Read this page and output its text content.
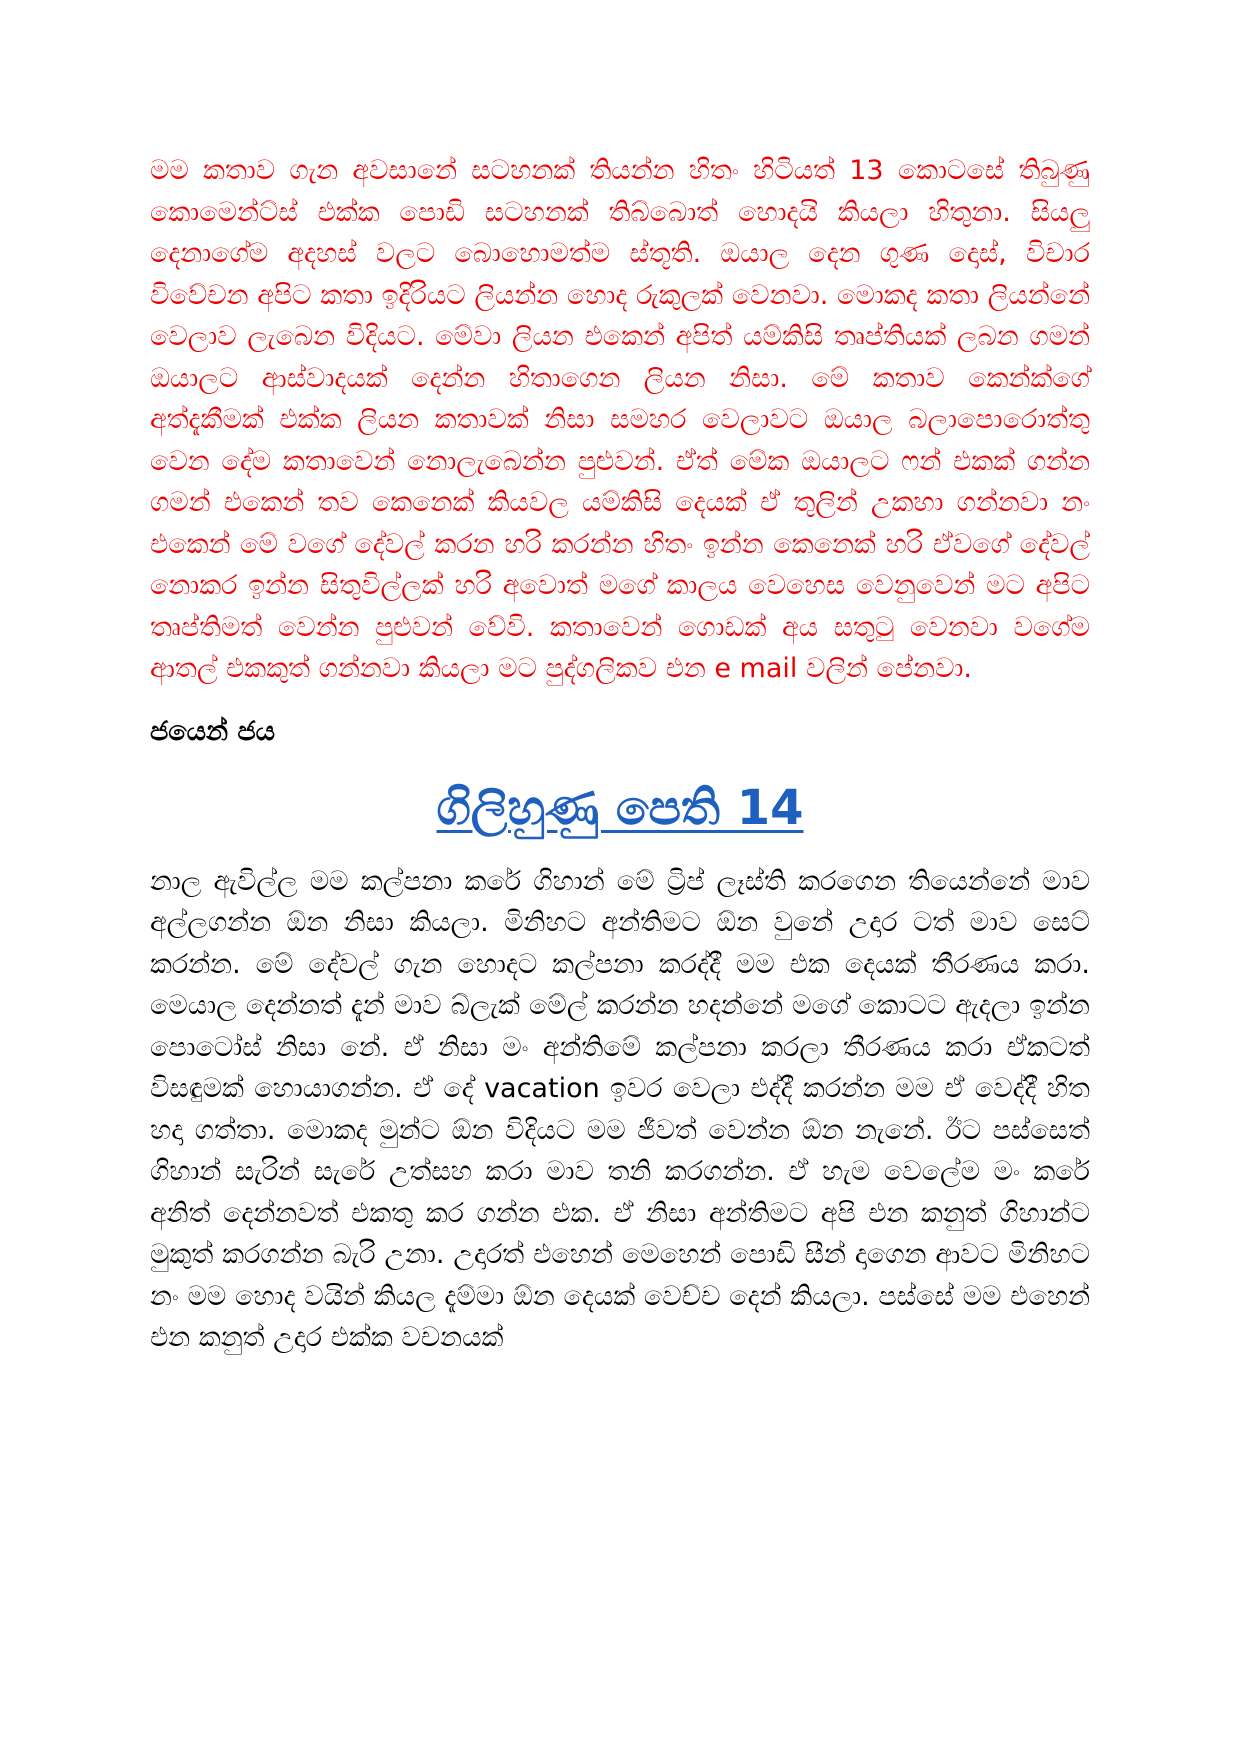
මම කතාව ගැන අවසානේ සටහනක් තියන්න හිතං හිටියත් 13 කොටසේ තිබුණු කොමෙන්ට්ස් එක්ක පොඩි සටහනක් තිබ්බොත් හොදයි කියලා හිතුනා. සියලු දෙනාගේම අදහස් වලට බොහොමත්ම ස්තූති. ඔයාල දෙන ගුණ දොස්, විචාර විවේචන අපිට කතා ඉදිරියට ලියන්න හොද රුකුලක් වෙනවා. මොකද කතා ලියන්නේ වෙලාව ලැබෙන විදියට. මේවා ලියන එකෙන් අපිත් යම්කිසි තෘප්තියක් ලබන ගමන් ඔයාලට ආස්වාදයක් දෙන්න හිතාගෙන ලියන නිසා. මේ කතාව කෙන්ක්ගේ අත්දැකීමක් එක්ක ලියන කතාවක් නිසා සමහර වෙලාවට ඔයාල බලාපොරොත්තු වෙන දේම කතාවෙන් නොලැබෙන්න පුළුවන්. ඒත් මේක ඔයාලට ෆන් එකක් ගන්න ගමන් එකෙන් තව කෙනෙක් කියවල යම්කිසි දෙයක් ඒ තුලින් උකහා ගන්නවා නං එකෙන් මේ වගේ දේවල් කරන හරි කරන්න හිතං ඉන්න කෙනෙක් හරි ඒවගේ දේවල් නොකර ඉන්න සිතුවිල්ලක් හරි අවොත් මගේ කාලය වෙහෙස වෙනුවෙන් මට අපිට තෘප්තිමත් වෙන්න පුළුවන් වේවි. කතාවෙන් ගොඩක් අය සතුටු වෙනවා වගේම ආතල් එකකුත් ගන්නවා කියලා මට පුද්ගලිකව එන e mail වලින් පේනවා.

ජයෙන් ජය

ගිලිහුණු පෙති 14

නාල ඇවිල්ල මම කල්පනා කරේ ගිහාන් මේ ට්‍රිප් ලෑස්ති කරගෙන තියෙන්නේ මාව අල්ලගන්න ඕන නිසා කියලා. මිනිහට අන්තිමට ඕන වුනේ උදාර ටත් මාව සෙට් කරන්න. මේ දේවල් ගැන හොදට කල්පනා කරද්දී මම එක දෙයක් තීරණය කරා. මෙයාල දෙන්නත් දැන් මාව බ්ලැක් මේල් කරන්න හදන්නේ මගේ කොටට ඇදලා ඉන්න පොටෝස් නිසා නේ. ඒ නිසා මං අන්තිමේ කල්පනා කරලා තීරණය කරා ඒකටත් විසඳුමක් හොයාගන්න. ඒ දේ vacation ඉවර වෙලා එද්දී කරන්න මම ඒ වෙද්දී හිත හදා ගත්තා. මොකද මුන්ට ඕන විදියට මම ජීවත් වෙන්න ඕන නැනේ. ඊට පස්සෙත් ගිහාන් සැරින් සැරේ උත්සහ කරා මාව තනි කරගන්න. ඒ හැම වෙලේම මං කරේ අනිත් දෙන්නවත් එකතු කර ගන්න එක. ඒ නිසා අන්තිමට අපි එන කනුත් ගිහාන්ට මුකුත් කරගන්න බැරි උනා. උදාරත් එහෙන් මෙහෙන් පොඩි සීන් දාගෙන ආවට මිනිහට නං මම හොද වයින් කියල දැම්මා ඕන දෙයක් වෙච්ච දෙන් කියලා. පස්සේ මම එහෙන් එන කනුත් උදාර එක්ක වචනයක්
